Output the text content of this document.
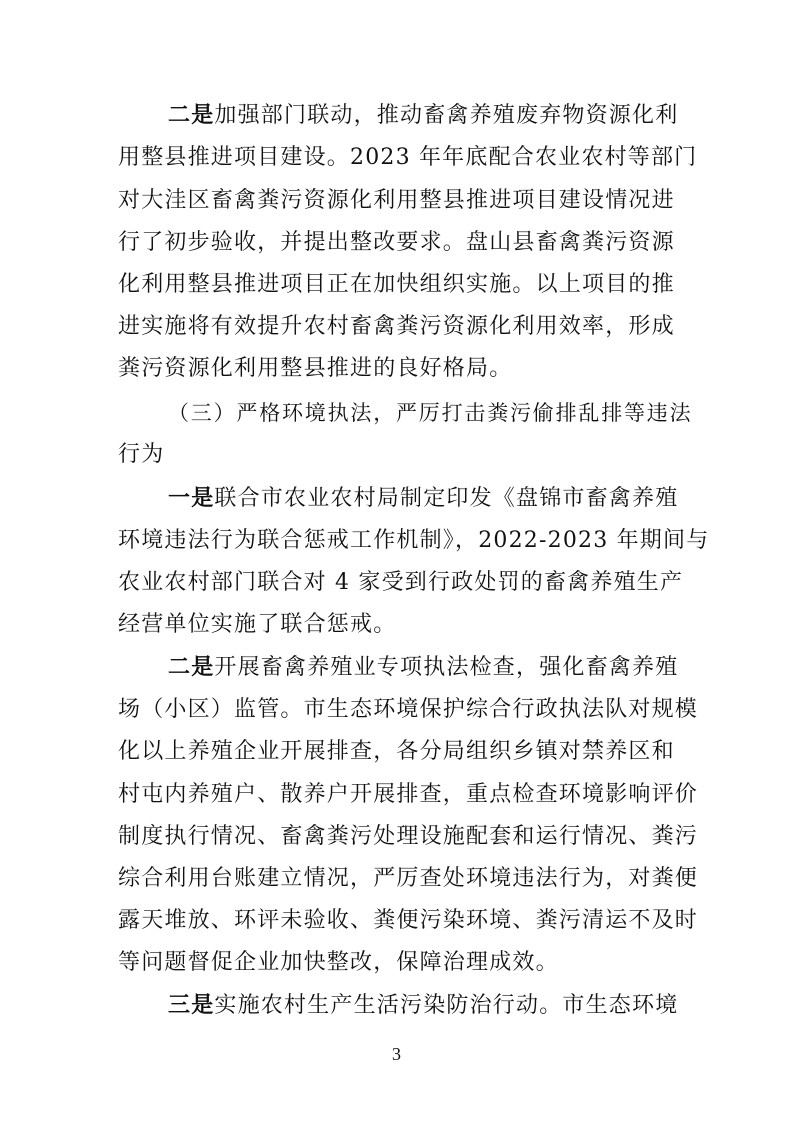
二是加强部门联动，推动畜禽养殖废弃物资源化利
用整县推进项目建设。2023 年年底配合农业农村等部门
对大洼区畜禽粪污资源化利用整县推进项目建设情况进
行了初步验收，并提出整改要求。盘山县畜禽粪污资源
化利用整县推进项目正在加快组织实施。以上项目的推
进实施将有效提升农村畜禽粪污资源化利用效率，形成
粪污资源化利用整县推进的良好格局。
（三）严格环境执法，严厉打击粪污偷排乱排等违法
行为
一是联合市农业农村局制定印发《盘锦市畜禽养殖
环境违法行为联合惩戒工作机制》，2022-2023 年期间与
农业农村部门联合对 4 家受到行政处罚的畜禽养殖生产
经营单位实施了联合惩戒。
二是开展畜禽养殖业专项执法检查，强化畜禽养殖
场（小区）监管。市生态环境保护综合行政执法队对规模
化以上养殖企业开展排查，各分局组织乡镇对禁养区和
村屯内养殖户、散养户开展排查，重点检查环境影响评价
制度执行情况、畜禽粪污处理设施配套和运行情况、粪污
综合利用台账建立情况，严厉查处环境违法行为，对粪便
露天堆放、环评未验收、粪便污染环境、粪污清运不及时
等问题督促企业加快整改，保障治理成效。
三是实施农村生产生活污染防治行动。市生态环境
3
